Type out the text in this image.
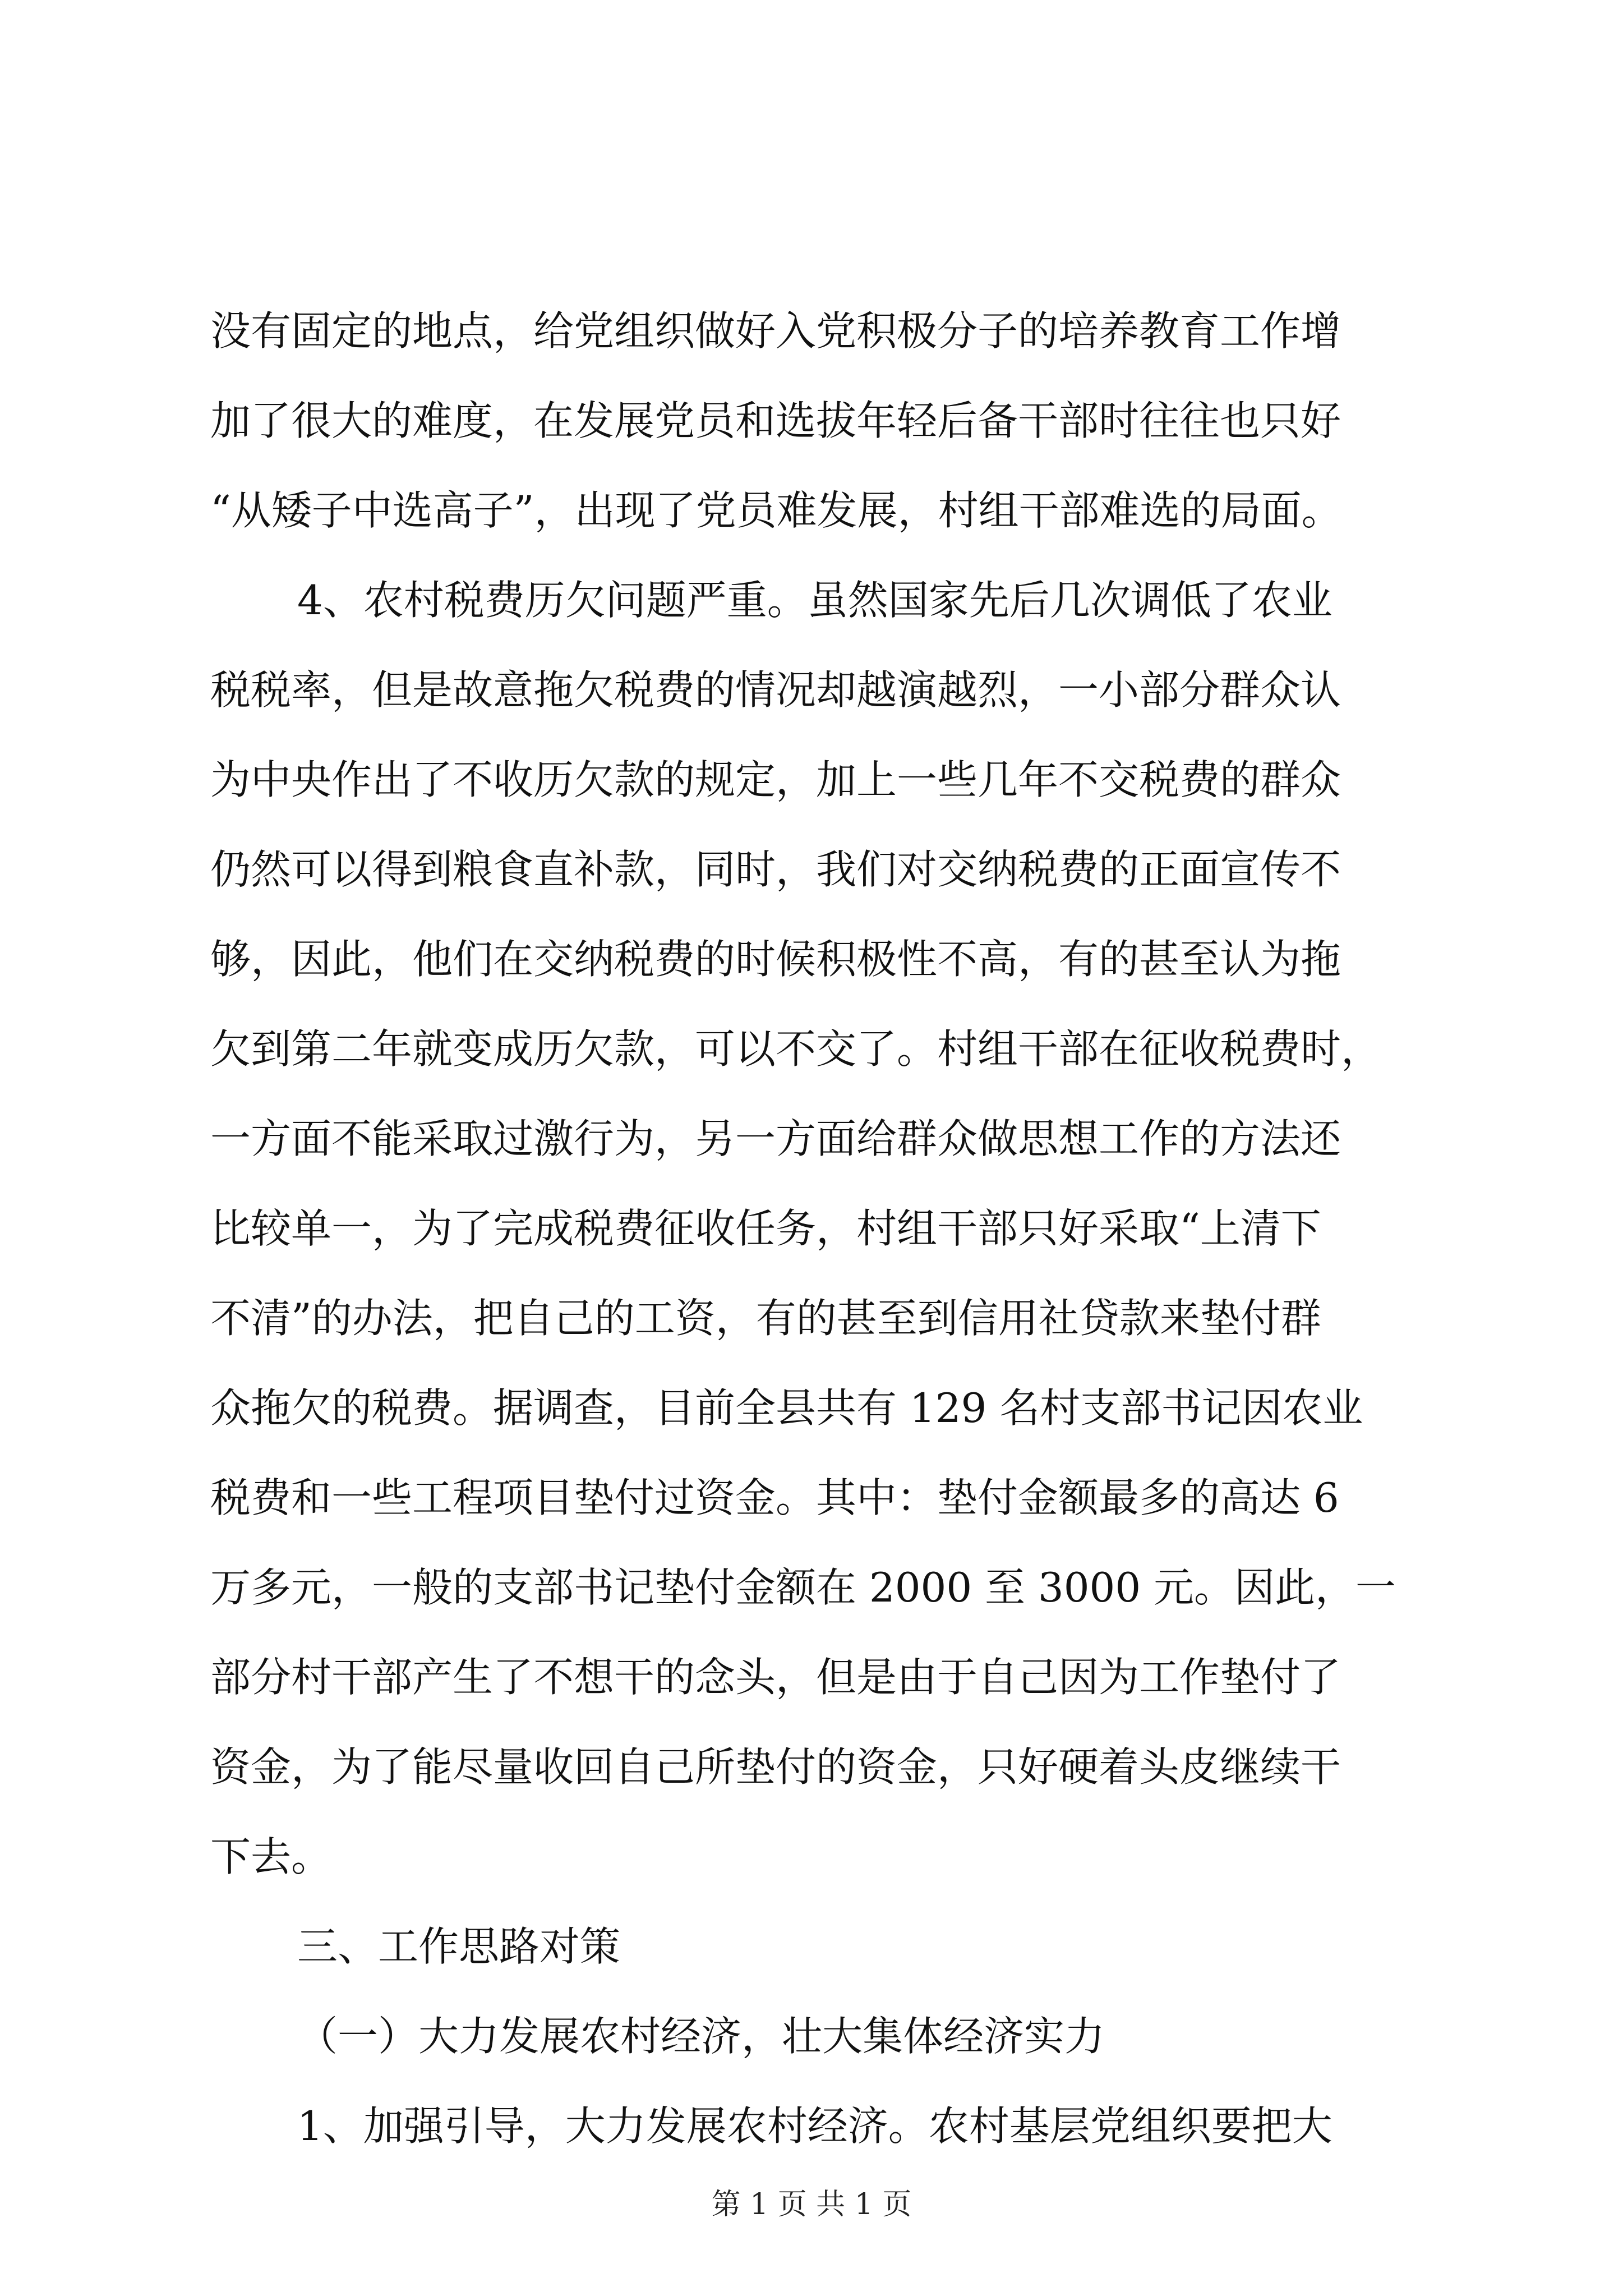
没有固定的地点，给党组织做好入党积极分子的培养教育工作增
加了很大的难度，在发展党员和选拔年轻后备干部时往往也只好
“从矮子中选高子”，出现了党员难发展，村组干部难选的局面。
4、农村税费历欠问题严重。虽然国家先后几次调低了农业
税税率，但是故意拖欠税费的情况却越演越烈，一小部分群众认
为中央作出了不收历欠款的规定，加上一些几年不交税费的群众
仍然可以得到粮食直补款，同时，我们对交纳税费的正面宣传不
够，因此，他们在交纳税费的时候积极性不高，有的甚至认为拖
欠到第二年就变成历欠款，可以不交了。村组干部在征收税费时，
一方面不能采取过激行为，另一方面给群众做思想工作的方法还
比较单一，为了完成税费征收任务，村组干部只好采取“上清下
不清”的办法，把自己的工资，有的甚至到信用社贷款来垫付群
众拖欠的税费。据调查，目前全县共有 129 名村支部书记因农业
税费和一些工程项目垫付过资金。其中：垫付金额最多的高达 6
万多元，一般的支部书记垫付金额在 2000 至 3000 元。因此，一
部分村干部产生了不想干的念头，但是由于自己因为工作垫付了
资金，为了能尽量收回自己所垫付的资金，只好硬着头皮继续干
下去。
三、工作思路对策
（一）大力发展农村经济，壮大集体经济实力
1、加强引导，大力发展农村经济。农村基层党组织要把大
第 1 页 共 1 页
